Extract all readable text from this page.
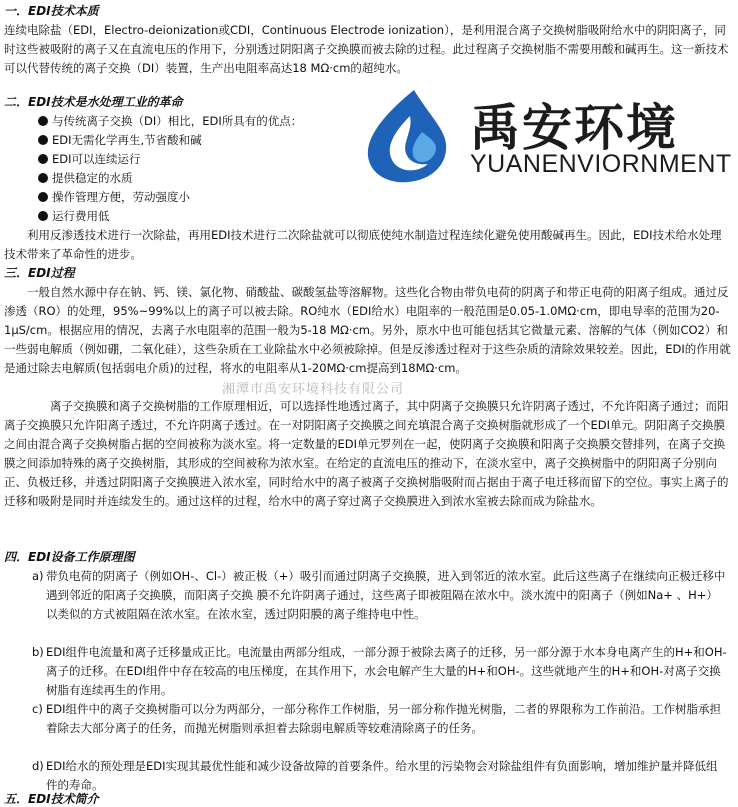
一．EDI技术本质

连续电除盐（EDI，Electro-deionization或CDI，Continuous Electrode ionization），是利用混合离子交换树脂吸附给水中的阴阳离子，同时这些被吸附的离子又在直流电压的作用下，分别透过阴阳离子交换膜而被去除的过程。此过程离子交换树脂不需要用酸和碱再生。这一新技术可以代替传统的离子交换（DI）装置，生产出电阻率高达18 MΩ·cm的超纯水。

二．EDI技术是水处理工业的革命

与传统离子交换（DI）相比，EDI所具有的优点：
EDI无需化学再生,节省酸和碱
EDI可以连续运行
提供稳定的水质
操作管理方便，劳动强度小
运行费用低
禹安环境
YUANENVIORNMENT

利用反渗透技术进行一次除盐，再用EDI技术进行二次除盐就可以彻底使纯水制造过程连续化避免使用酸碱再生。因此，EDI技术给水处理技术带来了革命性的进步。

三．EDI过程

一般自然水源中存在钠、钙、镁、氯化物、硝酸盐、碳酸氢盐等溶解物。这些化合物由带负电荷的阴离子和带正电荷的阳离子组成。通过反渗透（RO）的处理，95%~99%以上的离子可以被去除。RO纯水（EDI给水）电阻率的一般范围是0.05-1.0MΩ·cm，即电导率的范围为20-1μS/cm。根据应用的情况，去离子水电阻率的范围一般为5-18 MΩ·cm。另外，原水中也可能包括其它微量元素、溶解的气体（例如CO2）和一些弱电解质（例如硼，二氧化硅），这些杂质在工业除盐水中必须被除掉。但是反渗透过程对于这些杂质的清除效果较差。因此，EDI的作用就是通过除去电解质(包括弱电介质)的过程，将水的电阻率从1-20MΩ·cm提高到18MΩ·cm。

离子交换膜和离子交换树脂的工作原理相近，可以选择性地透过离子，其中阴离子交换膜只允许阴离子透过，不允许阳离子通过；而阳离子交换膜只允许阳离子透过，不允许阴离子透过。在一对阴阳离子交换膜之间充填混合离子交换树脂就形成了一个EDI单元。阴阳离子交换膜之间由混合离子交换树脂占据的空间被称为淡水室。将一定数量的EDI单元罗列在一起，使阴离子交换膜和阳离子交换膜交替排列，在离子交换膜之间添加特殊的离子交换树脂，其形成的空间被称为浓水室。在给定的直流电压的推动下，在淡水室中，离子交换树脂中的阴阳离子分别向正、负极迁移，并透过阴阳离子交换膜进入浓水室，同时给水中的离子被离子交换树脂吸附而占据由于离子电迁移而留下的空位。事实上离子的迁移和吸附是同时并连续发生的。通过这样的过程，给水中的离子穿过离子交换膜进入到浓水室被去除而成为除盐水。

湘潭市禹安环境科技有限公司

四．EDI设备工作原理图

a) 带负电荷的阴离子（例如OH-、Cl-）被正极（+）吸引而通过阴离子交换膜，进入到邻近的浓水室。此后这些离子在继续向正极迁移中遇到邻近的阳离子交换膜，而阳离子交换 膜不允许阴离子通过，这些离子即被阻隔在浓水中。淡水流中的阳离子（例如Na+ 、H+）以类似的方式被阻隔在浓水室。在浓水室，透过阴阳膜的离子维持电中性。
b) EDI组件电流量和离子迁移量成正比。电流量由两部分组成，一部分源于被除去离子的迁移，另一部分源于水本身电离产生的H+和OH-离子的迁移。在EDI组件中存在较高的电压梯度，在其作用下，水会电解产生大量的H+和OH-。这些就地产生的H+和OH-对离子交换树脂有连续再生的作用。
c) EDI组件中的离子交换树脂可以分为两部分，一部分称作工作树脂，另一部分称作抛光树脂，二者的界限称为工作前沿。工作树脂承担着除去大部分离子的任务，而抛光树脂则承担着去除弱电解质等较难清除离子的任务。
d) EDI给水的预处理是EDI实现其最优性能和减少设备故障的首要条件。给水里的污染物会对除盐组件有负面影响，增加维护量并降低组件的寿命。
五．EDI技术简介
